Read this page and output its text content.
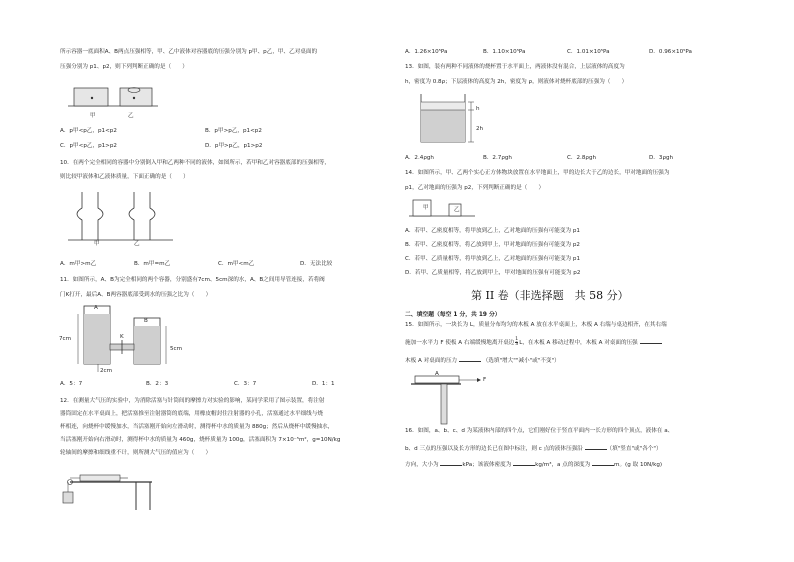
所示容器一底面积A、B两点压强相等，甲、乙中液体对容器底的压强分别为 p甲、p乙，甲、乙对桌面的
压强分别为 p1、p2，则下列判断正确的是（　　）
甲	乙
A．p甲<p乙，p1<p2	B．p甲>p乙，p1<p2
C．p甲<p乙，p1>p2	D．p甲>p乙，p1>p2
10．在两个完全相同的容器中分别倒入甲和乙两种不同的液体，如图所示，若甲和乙对容器底部的压强相等，
则比较甲液体和乙液体质量，下面正确的是（　　）
甲	乙
A．m甲>m乙	B．m甲=m乙	C．m甲<m乙	D．无法比较
11．如图所示，A、B为完全相同的两个容器，分别盛有7cm、5cm深的水，A、B之间用导管连接，若将阀
门K打开，最后A、B两容器底部受到水的压强之比为（　　）
A
B
K
7cm
5cm
2cm
A．5：7	B．2：3	C．3：7	D．1：1
12．在测量大气压的实验中，为消除活塞与针筒间的摩擦力对实验的影响，某同学采用了图示装置，将注射
器筒固定在水平桌面上，把活塞推至注射器筒的底端，用橡皮帽封住注射器的小孔，活塞通过水平细线与烧
杯相连，向烧杯中缓慢加水，当活塞刚开始向左滑动时，测得杯中水的质量为 880g；然后从烧杯中缓慢抽水，
当活塞刚开始向右滑动时，测得杯中水的质量为 460g，烧杯质量为 100g，活塞面积为 7×10⁻⁵m²，g=10N/kg
轮轴间的摩擦和细线重不计，则所测大气压的值应为（　　）
A．1.26×10⁵Pa	B．1.10×10⁵Pa	C．1.01×10⁵Pa	D．0.96×10⁵Pa
13．如图，装有两种不同液体的烧杯置于水平面上，两液体没有混合，上层液体的高度为
h，密度为 0.8ρ；下层液体的高度为 2h，密度为 ρ，则液体对烧杯底部的压强为（　　）
h
2h
A．2.4ρgh	B．2.7ρgh	C．2.8ρgh	D．3ρgh
14．如图所示，甲、乙两个实心正方体物块放置在水平地面上，甲的边长大于乙的边长，甲对地面的压强为
p1，乙对地面的压强为 p2，下列判断正确的是（　　）
甲	乙
A．若甲、乙密度相等，将甲放到乙上，乙对地面的压强有可能变为 p1
B．若甲、乙密度相等，将乙放到甲上，甲对地面的压强有可能变为 p2
C．若甲、乙质量相等，将甲放到乙上，乙对地面的压强有可能变为 p1
D．若甲、乙质量相等，将乙放到甲上，甲对地面的压强有可能变为 p2
第 II 卷（非选择题　共 58 分）
二、填空题（每空 1 分，共 19 分）
15．如图所示，一块长为 L，质量分布均匀的木板 A 放在水平桌面上，木板 A 右端与桌边相齐，在其右端
施加一水平力 F 使板 A 右端缓慢地离开桌边 $\frac{1}{3}$ L，在木板 A 移动过程中，木板 A 对桌面的压强
木板 A 对桌面的压力	（选填"增大""减小"或"不变"）
A
F
16．如图，a、b、c、d 为某液体内部的四个点，它们刚好位于竖直平面内一长方形的四个顶点，液体在 a、
b、d 三点的压强以及长方形的边长已在图中标注，则 c 点的液体压强沿	（填"竖直"或"各个"）
方向，大小为	kPa；该液体密度为	kg/m³，a 点的深度为	m。(g 取 10N/kg)
